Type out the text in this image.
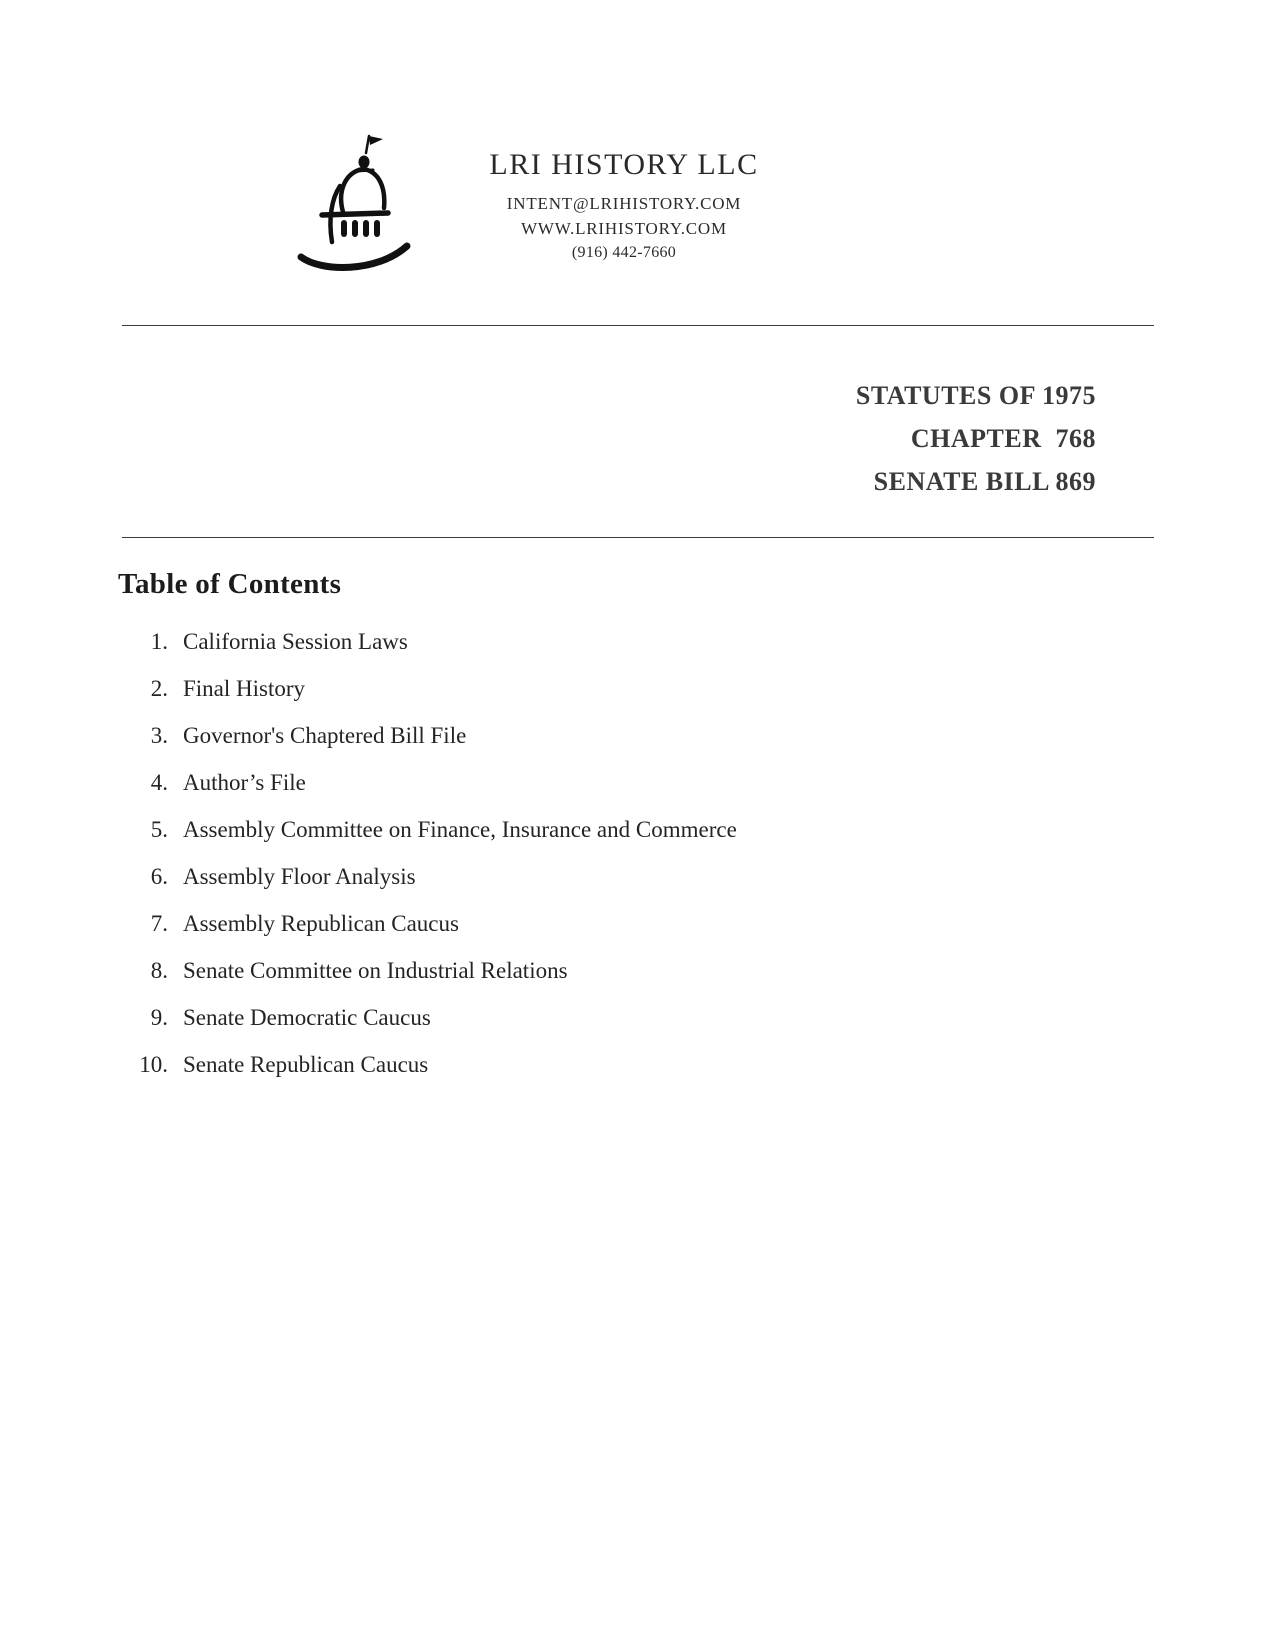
LRI HISTORY LLC
INTENT@LRIHISTORY.COM
WWW.LRIHISTORY.COM
(916) 442-7660
STATUTES OF 1975
CHAPTER  768
SENATE BILL 869
Table of Contents
1. California Session Laws
2. Final History
3. Governor's Chaptered Bill File
4. Author’s File
5. Assembly Committee on Finance, Insurance and Commerce
6. Assembly Floor Analysis
7. Assembly Republican Caucus
8. Senate Committee on Industrial Relations
9. Senate Democratic Caucus
10. Senate Republican Caucus
